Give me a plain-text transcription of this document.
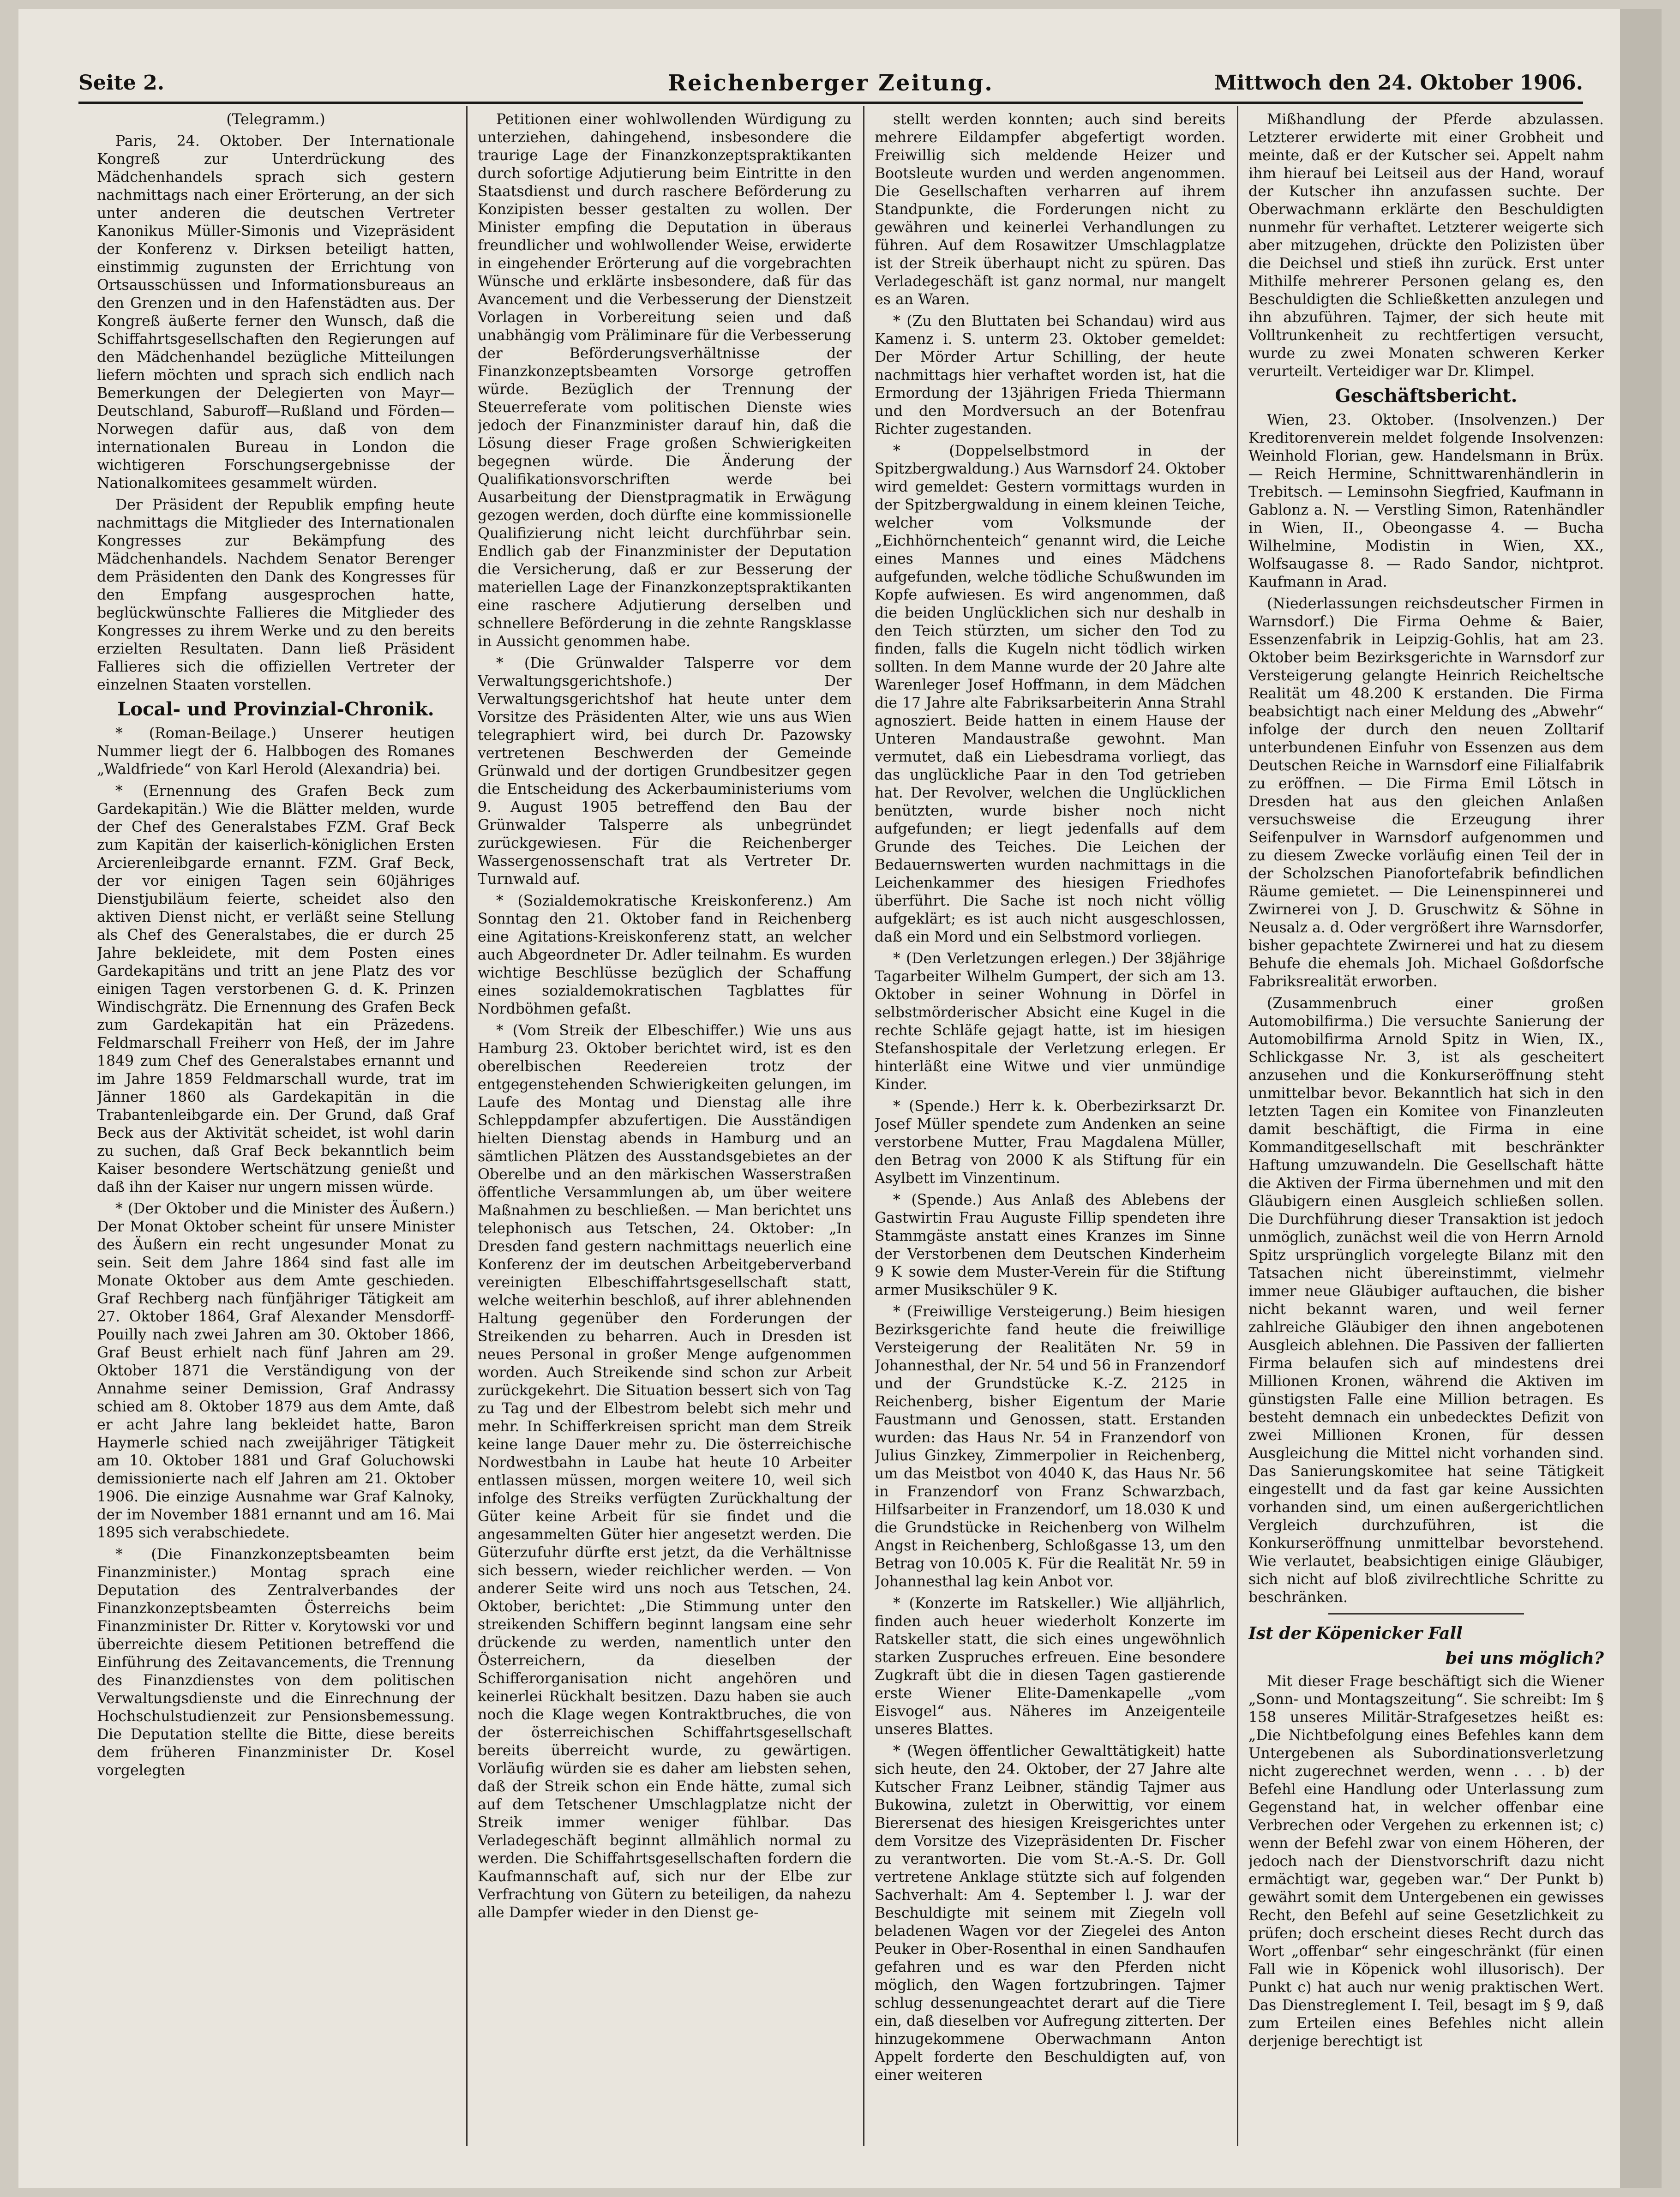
Reichenberger Zeitung.
Seite 2.	Mittwoch den 24. Oktober 1906.

(Telegramm.)

Paris, 24. Oktober. Der Internationale Kongreß zur Unterdrückung des Mädchenhandels sprach sich gestern nachmittags nach einer Erörterung, an der sich unter anderen die deutschen Vertreter Kanonikus Müller-Simonis und Vizepräsident der Konferenz v. Dirksen beteiligt hatten, einstimmig zugunsten der Errichtung von Ortsausschüssen und Informationsbureaus an den Grenzen und in den Hafenstädten aus. Der Kongreß äußerte ferner den Wunsch, daß die Schiffahrtsgesellschaften den Regierungen auf den Mädchenhandel bezügliche Mitteilungen liefern möchten und sprach sich endlich nach Bemerkungen der Delegierten von Mayr—Deutschland, Saburoff—Rußland und Förden—Norwegen dafür aus, daß von dem internationalen Bureau in London die wichtigeren Forschungsergebnisse der Nationalkomitees gesammelt würden.

Der Präsident der Republik empfing heute nachmittags die Mitglieder des Internationalen Kongresses zur Bekämpfung des Mädchenhandels. Nachdem Senator Berenger dem Präsidenten den Dank des Kongresses für den Empfang ausgesprochen hatte, beglückwünschte Fallieres die Mitglieder des Kongresses zu ihrem Werke und zu den bereits erzielten Resultaten. Dann ließ Präsident Fallieres sich die offiziellen Vertreter der einzelnen Staaten vorstellen.

Local- und Provinzial-Chronik.

* (Roman-Beilage.) Unserer heutigen Nummer liegt der 6. Halbbogen des Romanes „Waldfriede“ von Karl Herold (Alexandria) bei.

* (Ernennung des Grafen Beck zum Gardekapitän.) Wie die Blätter melden, wurde der Chef des Generalstabes FZM. Graf Beck zum Kapitän der kaiserlich-königlichen Ersten Arcierenleibgarde ernannt. FZM. Graf Beck, der vor einigen Tagen sein 60jähriges Dienstjubiläum feierte, scheidet also den aktiven Dienst nicht, er verläßt seine Stellung als Chef des Generalstabes, die er durch 25 Jahre bekleidete, mit dem Posten eines Gardekapitäns und tritt an jene Platz des vor einigen Tagen verstorbenen G. d. K. Prinzen Windischgrätz. Die Ernennung des Grafen Beck zum Gardekapitän hat ein Präzedens. Feldmarschall Freiherr von Heß, der im Jahre 1849 zum Chef des Generalstabes ernannt und im Jahre 1859 Feldmarschall wurde, trat im Jänner 1860 als Gardekapitän in die Trabantenleibgarde ein. Der Grund, daß Graf Beck aus der Aktivität scheidet, ist wohl darin zu suchen, daß Graf Beck bekanntlich beim Kaiser besondere Wertschätzung genießt und daß ihn der Kaiser nur ungern missen würde.

* (Der Oktober und die Minister des Äußern.) Der Monat Oktober scheint für unsere Minister des Äußern ein recht ungesunder Monat zu sein. Seit dem Jahre 1864 sind fast alle im Monate Oktober aus dem Amte geschieden. Graf Rechberg nach fünfjähriger Tätigkeit am 27. Oktober 1864, Graf Alexander Mensdorff-Pouilly nach zwei Jahren am 30. Oktober 1866, Graf Beust erhielt nach fünf Jahren am 29. Oktober 1871 die Verständigung von der Annahme seiner Demission, Graf Andrassy schied am 8. Oktober 1879 aus dem Amte, daß er acht Jahre lang bekleidet hatte, Baron Haymerle schied nach zweijähriger Tätigkeit am 10. Oktober 1881 und Graf Goluchowski demissionierte nach elf Jahren am 21. Oktober 1906. Die einzige Ausnahme war Graf Kalnoky, der im November 1881 ernannt und am 16. Mai 1895 sich verabschiedete.

* (Die Finanzkonzeptsbeamten beim Finanzminister.) Montag sprach eine Deputation des Zentralverbandes der Finanzkonzeptsbeamten Österreichs beim Finanzminister Dr. Ritter v. Korytowski vor und überreichte diesem Petitionen betreffend die Einführung des Zeitavancements, die Trennung des Finanzdienstes von dem politischen Verwaltungsdienste und die Einrechnung der Hochschulstudienzeit zur Pensionsbemessung. Die Deputation stellte die Bitte, diese bereits dem früheren Finanzminister Dr. Kosel vorgelegten

Petitionen einer wohlwollenden Würdigung zu unterziehen, dahingehend, insbesondere die traurige Lage der Finanzkonzeptspraktikanten durch sofortige Adjutierung beim Eintritte in den Staatsdienst und durch raschere Beförderung zu Konzipisten besser gestalten zu wollen. Der Minister empfing die Deputation in überaus freundlicher und wohlwollender Weise, erwiderte in eingehender Erörterung auf die vorgebrachten Wünsche und erklärte insbesondere, daß für das Avancement und die Verbesserung der Dienstzeit Vorlagen in Vorbereitung seien und daß unabhängig vom Präliminare für die Verbesserung der Beförderungsverhältnisse der Finanzkonzeptsbeamten Vorsorge getroffen würde. Bezüglich der Trennung der Steuerreferate vom politischen Dienste wies jedoch der Finanzminister darauf hin, daß die Lösung dieser Frage großen Schwierigkeiten begegnen würde. Die Änderung der Qualifikationsvorschriften werde bei Ausarbeitung der Dienstpragmatik in Erwägung gezogen werden, doch dürfte eine kommissionelle Qualifizierung nicht leicht durchführbar sein. Endlich gab der Finanzminister der Deputation die Versicherung, daß er zur Besserung der materiellen Lage der Finanzkonzeptspraktikanten eine raschere Adjutierung derselben und schnellere Beförderung in die zehnte Rangsklasse in Aussicht genommen habe.

* (Die Grünwalder Talsperre vor dem Verwaltungsgerichtshofe.) Der Verwaltungsgerichtshof hat heute unter dem Vorsitze des Präsidenten Alter, wie uns aus Wien telegraphiert wird, bei durch Dr. Pazowsky vertretenen Beschwerden der Gemeinde Grünwald und der dortigen Grundbesitzer gegen die Entscheidung des Ackerbauministeriums vom 9. August 1905 betreffend den Bau der Grünwalder Talsperre als unbegründet zurückgewiesen. Für die Reichenberger Wassergenossenschaft trat als Vertreter Dr. Turnwald auf.

* (Sozialdemokratische Kreiskonferenz.) Am Sonntag den 21. Oktober fand in Reichenberg eine Agitations-Kreiskonferenz statt, an welcher auch Abgeordneter Dr. Adler teilnahm. Es wurden wichtige Beschlüsse bezüglich der Schaffung eines sozialdemokratischen Tagblattes für Nordböhmen gefaßt.

* (Vom Streik der Elbeschiffer.) Wie uns aus Hamburg 23. Oktober berichtet wird, ist es den oberelbischen Reedereien trotz der entgegenstehenden Schwierigkeiten gelungen, im Laufe des Montag und Dienstag alle ihre Schleppdampfer abzufertigen. Die Ausständigen hielten Dienstag abends in Hamburg und an sämtlichen Plätzen des Ausstandsgebietes an der Oberelbe und an den märkischen Wasserstraßen öffentliche Versammlungen ab, um über weitere Maßnahmen zu beschließen. — Man berichtet uns telephonisch aus Tetschen, 24. Oktober: „In Dresden fand gestern nachmittags neuerlich eine Konferenz der im deutschen Arbeitgeberverband vereinigten Elbeschiffahrtsgesellschaft statt, welche weiterhin beschloß, auf ihrer ablehnenden Haltung gegenüber den Forderungen der Streikenden zu beharren. Auch in Dresden ist neues Personal in großer Menge aufgenommen worden. Auch Streikende sind schon zur Arbeit zurückgekehrt. Die Situation bessert sich von Tag zu Tag und der Elbestrom belebt sich mehr und mehr. In Schifferkreisen spricht man dem Streik keine lange Dauer mehr zu. Die österreichische Nordwestbahn in Laube hat heute 10 Arbeiter entlassen müssen, morgen weitere 10, weil sich infolge des Streiks verfügten Zurückhaltung der Güter keine Arbeit für sie findet und die angesammelten Güter hier angesetzt werden. Die Güterzufuhr dürfte erst jetzt, da die Verhältnisse sich bessern, wieder reichlicher werden. — Von anderer Seite wird uns noch aus Tetschen, 24. Oktober, berichtet: „Die Stimmung unter den streikenden Schiffern beginnt langsam eine sehr drückende zu werden, namentlich unter den Österreichern, da dieselben der Schifferorganisation nicht angehören und keinerlei Rückhalt besitzen. Dazu haben sie auch noch die Klage wegen Kontraktbruches, die von der österreichischen Schiffahrtsgesellschaft bereits überreicht wurde, zu gewärtigen. Vorläufig würden sie es daher am liebsten sehen, daß der Streik schon ein Ende hätte, zumal sich auf dem Tetschener Umschlagplatze nicht der Streik immer weniger fühlbar. Das Verladegeschäft beginnt allmählich normal zu werden. Die Schiffahrtsgesellschaften fordern die Kaufmannschaft auf, sich nur der Elbe zur Verfrachtung von Gütern zu beteiligen, da nahezu alle Dampfer wieder in den Dienst ge-

stellt werden konnten; auch sind bereits mehrere Eildampfer abgefertigt worden. Freiwillig sich meldende Heizer und Bootsleute wurden und werden angenommen. Die Gesellschaften verharren auf ihrem Standpunkte, die Forderungen nicht zu gewähren und keinerlei Verhandlungen zu führen. Auf dem Rosawitzer Umschlagplatze ist der Streik überhaupt nicht zu spüren. Das Verladegeschäft ist ganz normal, nur mangelt es an Waren.

* (Zu den Bluttaten bei Schandau) wird aus Kamenz i. S. unterm 23. Oktober gemeldet: Der Mörder Artur Schilling, der heute nachmittags hier verhaftet worden ist, hat die Ermordung der 13jährigen Frieda Thiermann und den Mordversuch an der Botenfrau Richter zugestanden.

* (Doppelselbstmord in der Spitzbergwaldung.) Aus Warnsdorf 24. Oktober wird gemeldet: Gestern vormittags wurden in der Spitzbergwaldung in einem kleinen Teiche, welcher vom Volksmunde der „Eichhörnchenteich“ genannt wird, die Leiche eines Mannes und eines Mädchens aufgefunden, welche tödliche Schußwunden im Kopfe aufwiesen. Es wird angenommen, daß die beiden Unglücklichen sich nur deshalb in den Teich stürzten, um sicher den Tod zu finden, falls die Kugeln nicht tödlich wirken sollten. In dem Manne wurde der 20 Jahre alte Warenleger Josef Hoffmann, in dem Mädchen die 17 Jahre alte Fabriksarbeiterin Anna Strahl agnosziert. Beide hatten in einem Hause der Unteren Mandaustraße gewohnt. Man vermutet, daß ein Liebesdrama vorliegt, das das unglückliche Paar in den Tod getrieben hat. Der Revolver, welchen die Unglücklichen benützten, wurde bisher noch nicht aufgefunden; er liegt jedenfalls auf dem Grunde des Teiches. Die Leichen der Bedauernswerten wurden nachmittags in die Leichenkammer des hiesigen Friedhofes überführt. Die Sache ist noch nicht völlig aufgeklärt; es ist auch nicht ausgeschlossen, daß ein Mord und ein Selbstmord vorliegen.

* (Den Verletzungen erlegen.) Der 38jährige Tagarbeiter Wilhelm Gumpert, der sich am 13. Oktober in seiner Wohnung in Dörfel in selbstmörderischer Absicht eine Kugel in die rechte Schläfe gejagt hatte, ist im hiesigen Stefanshospitale der Verletzung erlegen. Er hinterläßt eine Witwe und vier unmündige Kinder.

* (Spende.) Herr k. k. Oberbezirksarzt Dr. Josef Müller spendete zum Andenken an seine verstorbene Mutter, Frau Magdalena Müller, den Betrag von 2000 K als Stiftung für ein Asylbett im Vinzentinum.

* (Spende.) Aus Anlaß des Ablebens der Gastwirtin Frau Auguste Fillip spendeten ihre Stammgäste anstatt eines Kranzes im Sinne der Verstorbenen dem Deutschen Kinderheim 9 K sowie dem Muster-Verein für die Stiftung armer Musikschüler 9 K.

* (Freiwillige Versteigerung.) Beim hiesigen Bezirksgerichte fand heute die freiwillige Versteigerung der Realitäten Nr. 59 in Johannesthal, der Nr. 54 und 56 in Franzendorf und der Grundstücke K.-Z. 2125 in Reichenberg, bisher Eigentum der Marie Faustmann und Genossen, statt. Erstanden wurden: das Haus Nr. 54 in Franzendorf von Julius Ginzkey, Zimmerpolier in Reichenberg, um das Meistbot von 4040 K, das Haus Nr. 56 in Franzendorf von Franz Schwarzbach, Hilfsarbeiter in Franzendorf, um 18.030 K und die Grundstücke in Reichenberg von Wilhelm Angst in Reichenberg, Schloßgasse 13, um den Betrag von 10.005 K. Für die Realität Nr. 59 in Johannesthal lag kein Anbot vor.

* (Konzerte im Ratskeller.) Wie alljährlich, finden auch heuer wiederholt Konzerte im Ratskeller statt, die sich eines ungewöhnlich starken Zuspruches erfreuen. Eine besondere Zugkraft übt die in diesen Tagen gastierende erste Wiener Elite-Damenkapelle „vom Eisvogel“ aus. Näheres im Anzeigenteile unseres Blattes.

* (Wegen öffentlicher Gewalttätigkeit) hatte sich heute, den 24. Oktober, der 27 Jahre alte Kutscher Franz Leibner, ständig Tajmer aus Bukowina, zuletzt in Oberwittig, vor einem Bierersenat des hiesigen Kreisgerichtes unter dem Vorsitze des Vizepräsidenten Dr. Fischer zu verantworten. Die vom St.-A.-S. Dr. Goll vertretene Anklage stützte sich auf folgenden Sachverhalt: Am 4. September l. J. war der Beschuldigte mit seinem mit Ziegeln voll beladenen Wagen vor der Ziegelei des Anton Peuker in Ober-Rosenthal in einen Sandhaufen gefahren und es war den Pferden nicht möglich, den Wagen fortzubringen. Tajmer schlug dessenungeachtet derart auf die Tiere ein, daß dieselben vor Aufregung zitterten. Der hinzugekommene Oberwachmann Anton Appelt forderte den Beschuldigten auf, von einer weiteren

Mißhandlung der Pferde abzulassen. Letzterer erwiderte mit einer Grobheit und meinte, daß er der Kutscher sei. Appelt nahm ihm hierauf bei Leitseil aus der Hand, worauf der Kutscher ihn anzufassen suchte. Der Oberwachmann erklärte den Beschuldigten nunmehr für verhaftet. Letzterer weigerte sich aber mitzugehen, drückte den Polizisten über die Deichsel und stieß ihn zurück. Erst unter Mithilfe mehrerer Personen gelang es, den Beschuldigten die Schließketten anzulegen und ihn abzuführen. Tajmer, der sich heute mit Volltrunkenheit zu rechtfertigen versucht, wurde zu zwei Monaten schweren Kerker verurteilt. Verteidiger war Dr. Klimpel.

Geschäftsbericht.

Wien, 23. Oktober. (Insolvenzen.) Der Kreditorenverein meldet folgende Insolvenzen: Weinhold Florian, gew. Handelsmann in Brüx. — Reich Hermine, Schnittwarenhändlerin in Trebitsch. — Leminsohn Siegfried, Kaufmann in Gablonz a. N. — Verstling Simon, Ratenhändler in Wien, II., Obeongasse 4. — Bucha Wilhelmine, Modistin in Wien, XX., Wolfsaugasse 8. — Rado Sandor, nichtprot. Kaufmann in Arad.

(Niederlassungen reichsdeutscher Firmen in Warnsdorf.) Die Firma Oehme & Baier, Essenzenfabrik in Leipzig-Gohlis, hat am 23. Oktober beim Bezirksgerichte in Warnsdorf zur Versteigerung gelangte Heinrich Reicheltsche Realität um 48.200 K erstanden. Die Firma beabsichtigt nach einer Meldung des „Abwehr“ infolge der durch den neuen Zolltarif unterbundenen Einfuhr von Essenzen aus dem Deutschen Reiche in Warnsdorf eine Filialfabrik zu eröffnen. — Die Firma Emil Lötsch in Dresden hat aus den gleichen Anlaßen versuchsweise die Erzeugung ihrer Seifenpulver in Warnsdorf aufgenommen und zu diesem Zwecke vorläufig einen Teil der in der Scholzschen Pianofortefabrik befindlichen Räume gemietet. — Die Leinenspinnerei und Zwirnerei von J. D. Gruschwitz & Söhne in Neusalz a. d. Oder vergrößert ihre Warnsdorfer, bisher gepachtete Zwirnerei und hat zu diesem Behufe die ehemals Joh. Michael Goßdorfsche Fabriksrealität erworben.

(Zusammenbruch einer großen Automobilfirma.) Die versuchte Sanierung der Automobilfirma Arnold Spitz in Wien, IX., Schlickgasse Nr. 3, ist als gescheitert anzusehen und die Konkurseröffnung steht unmittelbar bevor. Bekanntlich hat sich in den letzten Tagen ein Komitee von Finanzleuten damit beschäftigt, die Firma in eine Kommanditgesellschaft mit beschränkter Haftung umzuwandeln. Die Gesellschaft hätte die Aktiven der Firma übernehmen und mit den Gläubigern einen Ausgleich schließen sollen. Die Durchführung dieser Transaktion ist jedoch unmöglich, zunächst weil die von Herrn Arnold Spitz ursprünglich vorgelegte Bilanz mit den Tatsachen nicht übereinstimmt, vielmehr immer neue Gläubiger auftauchen, die bisher nicht bekannt waren, und weil ferner zahlreiche Gläubiger den ihnen angebotenen Ausgleich ablehnen. Die Passiven der fallierten Firma belaufen sich auf mindestens drei Millionen Kronen, während die Aktiven im günstigsten Falle eine Million betragen. Es besteht demnach ein unbedecktes Defizit von zwei Millionen Kronen, für dessen Ausgleichung die Mittel nicht vorhanden sind. Das Sanierungskomitee hat seine Tätigkeit eingestellt und da fast gar keine Aussichten vorhanden sind, um einen außergerichtlichen Vergleich durchzuführen, ist die Konkurseröffnung unmittelbar bevorstehend. Wie verlautet, beabsichtigen einige Gläubiger, sich nicht auf bloß zivilrechtliche Schritte zu beschränken.

Ist der Köpenicker Fall

bei uns möglich?

Mit dieser Frage beschäftigt sich die Wiener „Sonn- und Montagszeitung“. Sie schreibt: Im § 158 unseres Militär-Strafgesetzes heißt es: „Die Nichtbefolgung eines Befehles kann dem Untergebenen als Subordinationsverletzung nicht zugerechnet werden, wenn . . . b) der Befehl eine Handlung oder Unterlassung zum Gegenstand hat, in welcher offenbar eine Verbrechen oder Vergehen zu erkennen ist; c) wenn der Befehl zwar von einem Höheren, der jedoch nach der Dienstvorschrift dazu nicht ermächtigt war, gegeben war.“ Der Punkt b) gewährt somit dem Untergebenen ein gewisses Recht, den Befehl auf seine Gesetzlichkeit zu prüfen; doch erscheint dieses Recht durch das Wort „offenbar“ sehr eingeschränkt (für einen Fall wie in Köpenick wohl illusorisch). Der Punkt c) hat auch nur wenig praktischen Wert. Das Dienstreglement I. Teil, besagt im § 9, daß zum Erteilen eines Befehles nicht allein derjenige berechtigt ist
